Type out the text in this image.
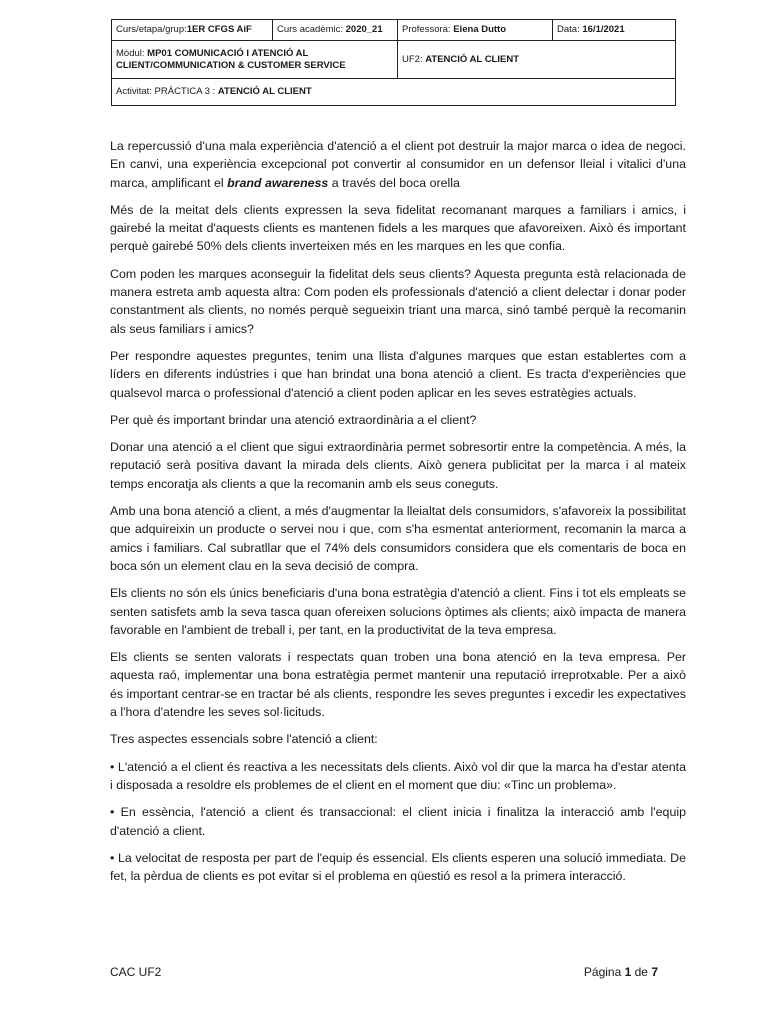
Curs/etapa/grup:1ER CFGS AiF	Curs acadèmic: 2020_21	Professora: Elena Dutto	Data: 16/1/2021
Mòdul: MP01 COMUNICACIÓ I ATENCIÓ AL CLIENT/COMMUNICATION & CUSTOMER SERVICE		UF2: ATENCIÓ AL CLIENT	
Activitat: PRÀCTICA 3 : ATENCIÓ AL CLIENT			

La repercussió d'una mala experiència d'atenció a el client pot destruir la major marca o idea de negoci. En canvi, una experiència excepcional pot convertir al consumidor en un defensor lleial i vitalici d'una marca, amplificant el brand awareness a través del boca orella

Més de la meitat dels clients expressen la seva fidelitat recomanant marques a familiars i amics, i gairebé la meitat d'aquests clients es mantenen fidels a les marques que afavoreixen. Això és important perquè gairebé 50% dels clients inverteixen més en les marques en les que confia.

Com poden les marques aconseguir la fidelitat dels seus clients? Aquesta pregunta està relacionada de manera estreta amb aquesta altra: Com poden els professionals d'atenció a client delectar i donar poder constantment als clients, no només perquè segueixin triant una marca, sinó també perquè la recomanin als seus familiars i amics?

Per respondre aquestes preguntes, tenim una llista d'algunes marques que estan establertes com a líders en diferents indústries i que han brindat una bona atenció a client. Es tracta d'experiències que qualsevol marca o professional d'atenció a client poden aplicar en les seves estratègies actuals.

Per què és important brindar una atenció extraordinària a el client?

Donar una atenció a el client que sigui extraordinària permet sobresortir entre la competència. A més, la reputació serà positiva davant la mirada dels clients. Això genera publicitat per la marca i al mateix temps encoratja als clients a que la recomanin amb els seus coneguts.

Amb una bona atenció a client, a més d'augmentar la lleialtat dels consumidors, s'afavoreix la possibilitat que adquireixin un producte o servei nou i que, com s'ha esmentat anteriorment, recomanin la marca a amics i familiars. Cal subratllar que el 74% dels consumidors considera que els comentaris de boca en boca són un element clau en la seva decisió de compra.

Els clients no són els únics beneficiaris d'una bona estratègia d'atenció a client. Fins i tot els empleats se senten satisfets amb la seva tasca quan ofereixen solucions òptimes als clients; això impacta de manera favorable en l'ambient de treball i, per tant, en la productivitat de la teva empresa.

Els clients se senten valorats i respectats quan troben una bona atenció en la teva empresa. Per aquesta raó, implementar una bona estratègia permet mantenir una reputació irreprotxable. Per a això és important centrar-se en tractar bé als clients, respondre les seves preguntes i excedir les expectatives a l'hora d'atendre les seves sol·licituds.

Tres aspectes essencials sobre l'atenció a client:

• L'atenció a el client és reactiva a les necessitats dels clients. Això vol dir que la marca ha d'estar atenta i disposada a resoldre els problemes de el client en el moment que diu: «Tinc un problema».

• En essència, l'atenció a client és transaccional: el client inicia i finalitza la interacció amb l'equip d'atenció a client.

• La velocitat de resposta per part de l'equip és essencial. Els clients esperen una solució immediata. De fet, la pèrdua de clients es pot evitar si el problema en qüestió es resol a la primera interacció.

CAC UF2	Página 1 de 7
